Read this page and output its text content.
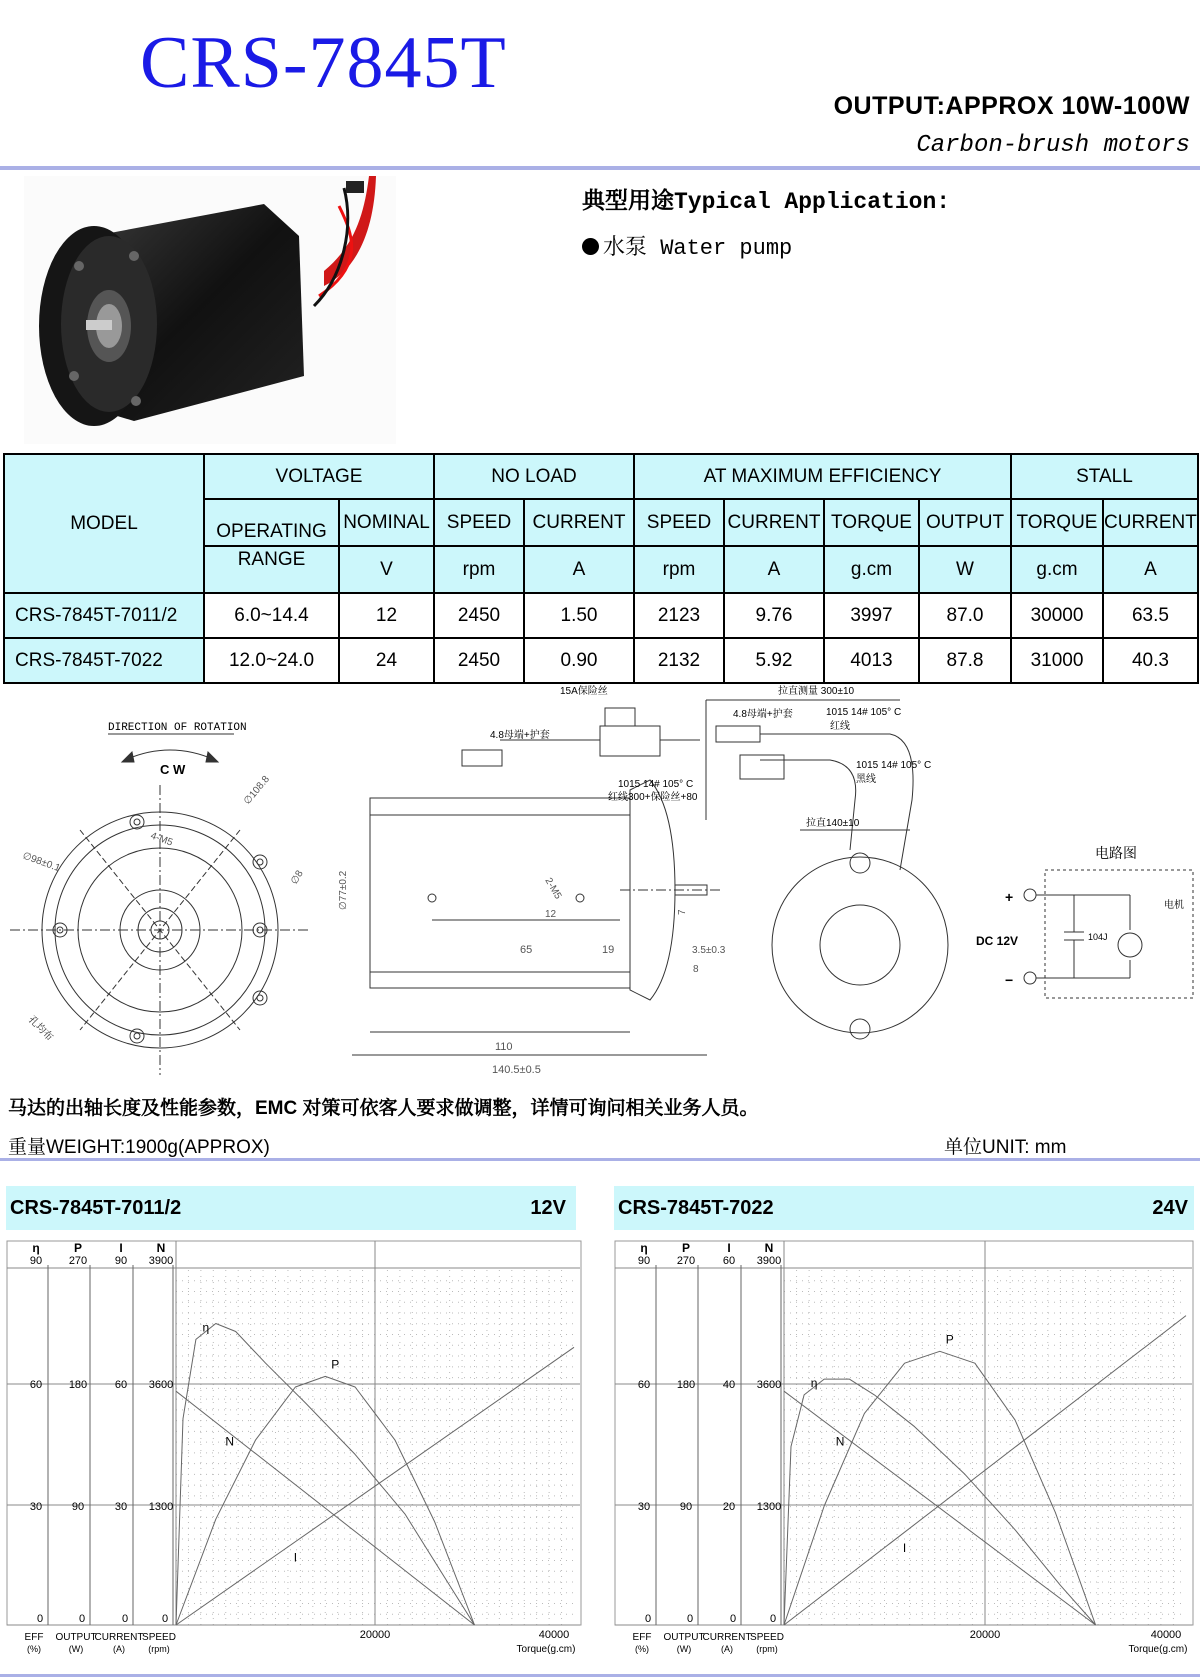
CRS-7845T
OUTPUT:APPROX 10W-100W
Carbon-brush motors
典型用途Typical Application:
水泵 Water pump
MODEL	VOLTAGE		NO LOAD		AT MAXIMUM EFFICIENCY				STALL	
	OPERATING	NOMINAL	SPEED	CURRENT	SPEED	CURRENT	TORQUE	OUTPUT	TORQUE	CURRENT
	RANGE	V	rpm	A	rpm	A	g.cm	W	g.cm	A
CRS-7845T-7011/2	6.0~14.4	12	2450	1.50	2123	9.76	3997	87.0	30000	63.5
CRS-7845T-7022	12.0~24.0	24	2450	0.90	2132	5.92	4013	87.8	31000	40.3
DIRECTION OF ROTATION
C W
∅108.8
∅98±0.1
4-M5
∅8
孔均布
65	19
7
3.5±0.3
8
∅77±0.2	2-M5
12
110
140.5±0.5
15A保险丝
4.8母端+护套
1015 14# 105° C
红线300+保险丝+80
拉直测量 300±10
4.8母端+护套	1015 14# 105° C
红线
1015 14# 105° C
黑线
拉直140±10
电路图
+
−
DC 12V	104J
电机
马达的出轴长度及性能参数，EMC 对策可依客人要求做调整，详情可询问相关业务人员。
重量WEIGHT:1900g(APPROX)	单位UNIT: mm
CRS-7845T-7011/2	12V	CRS-7845T-7022	24V
η
90
60
30
0
EFF
(%)
P
270
180
90
0
OUTPUT
(W)
I
90
60
30
0
CURRENT
(A)
N
3900
3600
1300
0
SPEED
(rpm)
20000	40000
Torque(g.cm)
η
P
N
I
η
90
60
30
0
EFF
(%)
P
270
180
90
0
OUTPUT
(W)
I
60
40
20
0
CURRENT
(A)
N
3900
3600
1300
0
SPEED
(rpm)
20000	40000
Torque(g.cm)
η
P
N
I
